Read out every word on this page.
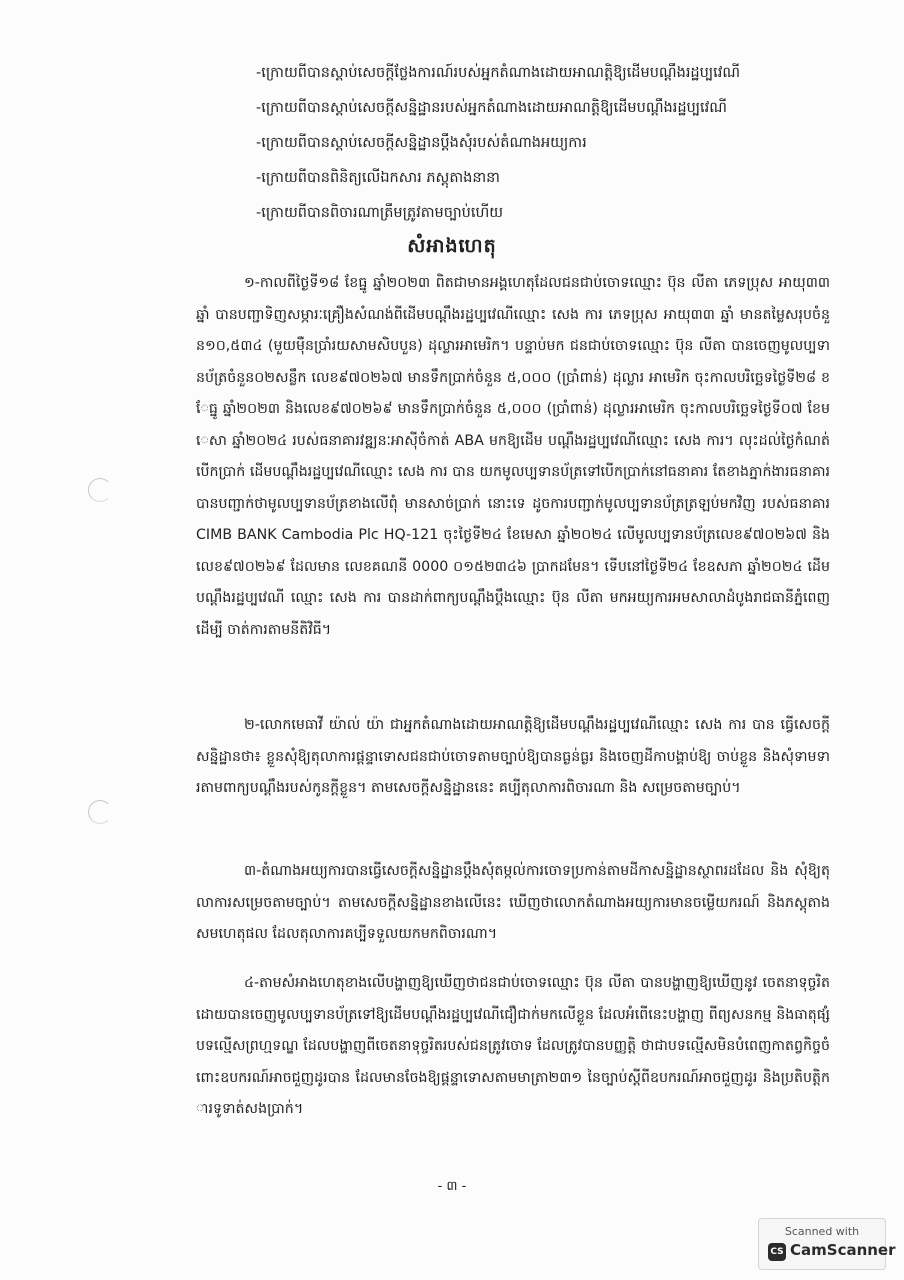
-ក្រោយពីបានស្ដាប់សេចក្ដីថ្លែងការណ៍របស់អ្នកតំណាងដោយអាណត្តិឱ្យដើមបណ្ដឹងរដ្ឋប្បវេណី
-ក្រោយពីបានស្ដាប់សេចក្ដីសន្និដ្ឋានរបស់អ្នកតំណាងដោយអាណត្តិឱ្យដើមបណ្ដឹងរដ្ឋប្បវេណី
-ក្រោយពីបានស្ដាប់សេចក្ដីសន្និដ្ឋានប្ដឹងសុំរបស់តំណាងអយ្យការ
-ក្រោយពីបានពិនិត្យលើឯកសារ ភស្ដុតាងនានា
-ក្រោយពីបានពិចារណាត្រឹមត្រូវតាមច្បាប់ហើយ
សំអាងហេតុ
១-កាលពីថ្ងៃទី១៨ ខែធ្នូ ឆ្នាំ២០២៣ ពិតជាមានអង្គហេតុដែលជនជាប់ចោទឈ្មោះ ប៊ុន លីតា ភេទប្រុស អាយុ៣៣ឆ្នាំ បានបញ្ជាទិញសម្ភារៈគ្រឿងសំណង់ពីដើមបណ្ដឹងរដ្ឋប្បវេណីឈ្មោះ សេង ការ ភេទប្រុស អាយុ៣៣ ឆ្នាំ មានតម្លៃសរុបចំនួន១០,៥៣៤ (មួយម៉ឺនប្រាំរយសាមសិបបួន) ដុល្លារអាមេរិក។ បន្ទាប់មក ជនជាប់ចោទឈ្មោះ ប៊ុន លីតា បានចេញមូលប្បទានប័ត្រចំនួន០២សន្លឹក លេខ៩៧០២៦៧ មានទឹកប្រាក់ចំនួន ៥,០០០ (ប្រាំពាន់) ដុល្លារ អាមេរិក ចុះកាលបរិច្ឆេទថ្ងៃទី២៨ ខែធ្នូ ឆ្នាំ២០២៣ និងលេខ៩៧០២៦៩ មានទឹកប្រាក់ចំនួន ៥,០០០ (ប្រាំពាន់) ដុល្លារអាមេរិក ចុះកាលបរិច្ឆេទថ្ងៃទី០៧ ខែមេសា ឆ្នាំ២០២៤ របស់ធនាគារវឌ្ឍនៈអាស៊ីចំកាត់ ABA មកឱ្យដើម បណ្ដឹងរដ្ឋប្បវេណីឈ្មោះ សេង ការ។ លុះដល់ថ្ងៃកំណត់បើកប្រាក់ ដើមបណ្ដឹងរដ្ឋប្បវេណីឈ្មោះ សេង ការ បាន យកមូលប្បទានប័ត្រទៅបើកប្រាក់នៅធនាគារ តែខាងភ្នាក់ងារធនាគារបានបញ្ជាក់ថាមូលប្បទានប័ត្រខាងលើពុំ មានសាច់ប្រាក់ នោះទេ ដូចការបញ្ជាក់មូលប្បទានប័ត្រត្រឡប់មកវិញ របស់ធនាគារ CIMB BANK Cambodia Plc HQ-121 ចុះថ្ងៃទី២៤ ខែមេសា ឆ្នាំ២០២៤ លើមូលប្បទានប័ត្រលេខ៩៧០២៦៧ និងលេខ៩៧០២៦៩ ដែលមាន លេខគណនី 0000 ០១៥២៣៤៦ ប្រាកដមែន។ ទើបនៅថ្ងៃទី២៤ ខែឧសភា ឆ្នាំ២០២៤ ដើមបណ្ដឹងរដ្ឋប្បវេណី ឈ្មោះ សេង ការ បានដាក់ពាក្យបណ្ដឹងប្ដឹងឈ្មោះ ប៊ុន លីតា មកអយ្យការអមសាលាដំបូងរាជធានីភ្នំពេញ ដើម្បី ចាត់ការតាមនីតិវិធី។
២-លោកមេធាវី យ៉ាល់ យ៉ា ជាអ្នកតំណាងដោយអាណត្តិឱ្យដើមបណ្ដឹងរដ្ឋប្បវេណីឈ្មោះ សេង ការ បាន ធ្វើសេចក្ដីសន្និដ្ឋានថា៖ ខ្លួនសុំឱ្យតុលាការផ្ដន្ទាទោសជនជាប់ចោទតាមច្បាប់ឱ្យបានធ្ងន់ធ្ងរ និងចេញដីកាបង្គាប់ឱ្យ ចាប់ខ្លួន និងសុំទាមទារតាមពាក្យបណ្ដឹងរបស់កូនក្ដីខ្លួន។ តាមសេចក្ដីសន្និដ្ឋាននេះ គប្បីតុលាការពិចារណា និង សម្រេចតាមច្បាប់។
៣-តំណាងអយ្យការបានធ្វើសេចក្ដីសន្និដ្ឋានប្ដឹងសុំតម្កល់ការចោទប្រកាន់តាមដីកាសន្និដ្ឋានស្ថាពរដដែល និង សុំឱ្យតុលាការសម្រេចតាមច្បាប់។ តាមសេចក្ដីសន្និដ្ឋានខាងលើនេះ ឃើញថាលោកតំណាងអយ្យការមានចម្លើយករណ៍ និងភស្ដុតាងសមហេតុផល ដែលតុលាការគប្បីទទួលយកមកពិចារណា។
៤-តាមសំអាងហេតុខាងលើបង្ហាញឱ្យឃើញថាជនជាប់ចោទឈ្មោះ ប៊ុន លីតា បានបង្ហាញឱ្យឃើញនូវ ចេតនាទុច្ចរិត ដោយបានចេញមូលប្បទានប័ត្រទៅឱ្យដើមបណ្ដឹងរដ្ឋប្បវេណីជឿជាក់មកលើខ្លួន ដែលអំពើនេះបង្ហាញ ពីព្យសនកម្ម និងធាតុផ្សំបទល្មើសព្រហ្មទណ្ឌ ដែលបង្ហាញពីចេតនាទុច្ចរិតរបស់ជនត្រូវចោទ ដែលត្រូវបានបញ្ញត្តិ ថាជាបទល្មើសមិនបំពេញកាតព្វកិច្ចចំពោះឧបករណ៍អាចជួញដូរបាន ដែលមានចែងឱ្យផ្ដន្ទាទោសតាមមាត្រា២៣១ នៃច្បាប់ស្ដីពីឧបករណ៍អាចជួញដូរ និងប្រតិបត្តិការទូទាត់សងប្រាក់។
- ៣ -
Scanned with
CS CamScanner
